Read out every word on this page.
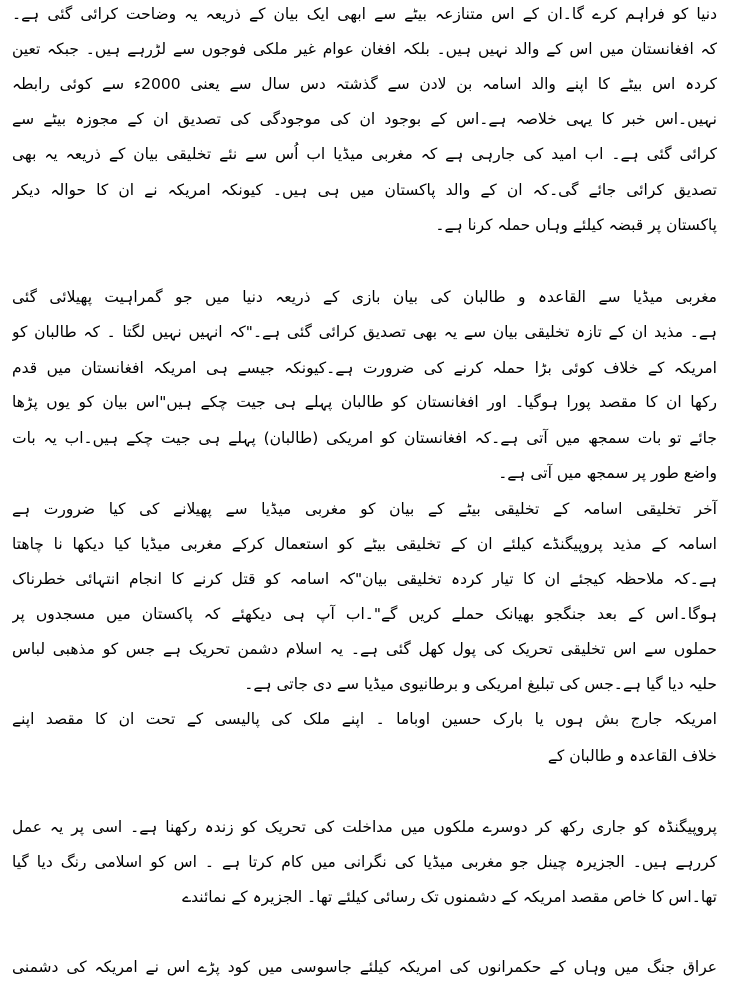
دنیا کو فراہم کرے گا۔ان کے اس متنازعہ بیٹے سے ابھی ایک بیان کے ذریعہ یہ وضاحت کرائی گئی ہے۔
کہ افغانستان میں اس کے والد نہیں ہیں۔ بلکہ افغان عوام غیر ملکی فوجوں سے لڑرہے ہیں۔ جبکہ تعین
کردہ اس بیٹے کا اپنے والد اسامہ بن لادن سے گذشتہ دس سال سے یعنی 2000ء سے کوئی رابطہ
نہیں۔اس خبر کا یہی خلاصہ ہے۔اس کے بوجود ان کی موجودگی کی تصدیق ان کے مجوزہ بیٹے سے
کرائی گئی ہے۔ اب امید کی جارہی ہے کہ مغربی میڈیا اب اُس سے نئے تخلیقی بیان کے ذریعہ یہ بھی
تصدیق کرائی جائے گی۔کہ ان کے والد پاکستان میں ہی ہیں۔ کیونکہ امریکہ نے ان کا حوالہ دیکر
پاکستان پر قبضہ کیلئے وہاں حملہ کرنا ہے۔
مغربی میڈیا سے القاعدہ و طالبان کی بیان بازی کے ذریعہ دنیا میں جو گمراہیت پھیلائی گئی
ہے۔ مذید ان کے تازہ تخلیقی بیان سے یہ بھی تصدیق کرائی گئی ہے۔"کہ انہیں نہیں لگتا ۔ کہ طالبان کو
امریکہ کے خلاف کوئی بڑا حملہ کرنے کی ضرورت ہے۔کیونکہ جیسے ہی امریکہ افغانستان میں قدم
رکھا ان کا مقصد پورا ہوگیا۔ اور افغانستان کو طالبان پہلے ہی جیت چکے ہیں"اس بیان کو یوں پڑھا
جائے تو بات سمجھ میں آتی ہے۔کہ افغانستان کو امریکی (طالبان) پہلے ہی جیت چکے ہیں۔اب یہ بات
واضع طور پر سمجھ میں آتی ہے۔
آخر تخلیقی اسامہ کے تخلیقی بیٹے کے بیان کو مغربی میڈیا سے پھیلانے کی کیا ضرورت ہے
اسامہ کے مذید پروپیگنڈے کیلئے ان کے تخلیقی بیٹے کو استعمال کرکے مغربی میڈیا کیا دیکھا نا چاھتا
ہے۔کہ ملاحظہ کیجئے ان کا تیار کردہ تخلیقی بیان"کہ اسامہ کو قتل کرنے کا انجام انتہائی خطرناک
ہوگا۔اس کے بعد جنگجو بھیانک حملے کریں گے"۔اب آپ ہی دیکھئے کہ پاکستان میں مسجدوں پر
حملوں سے اس تخلیقی تحریک کی پول کھل گئی ہے۔ یہ اسلام دشمن تحریک ہے جس کو مذھبی لباس
حلیہ دیا گیا ہے۔جس کی تبلیغ امریکی و برطانیوی میڈیا سے دی جاتی ہے۔
امریکہ جارج بش ہوں یا بارک حسین اوباما ۔ اپنے ملک کی پالیسی کے تحت ان کا مقصد اپنے
خلاف القاعدہ و طالبان کے
پروپیگنڈہ کو جاری رکھ کر دوسرے ملکوں میں مداخلت کی تحریک کو زندہ رکھنا ہے۔ اسی پر یہ عمل
کررہے ہیں۔ الجزیرہ چینل جو مغربی میڈیا کی نگرانی میں کام کرتا ہے ۔ اس کو اسلامی رنگ دیا گیا
تھا۔اس کا خاص مقصد امریکہ کے دشمنوں تک رسائی کیلئے تھا۔ الجزیرہ کے نمائندے
عراق جنگ میں وہاں کے حکمرانوں کی امریکہ کیلئے جاسوسی میں کود پڑے اس نے امریکہ کی دشمنی
